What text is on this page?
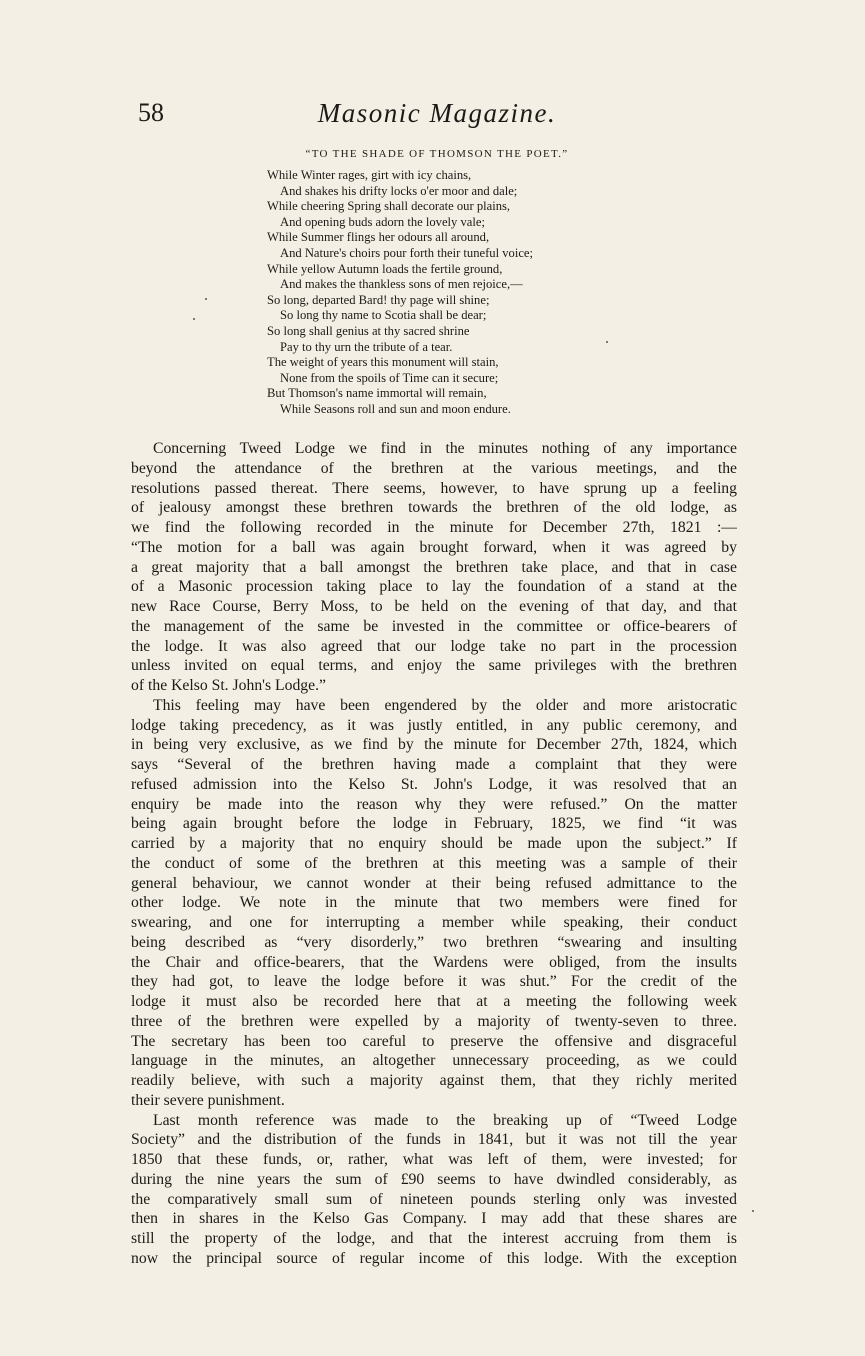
58	Masonic Magazine.
“TO THE SHADE OF THOMSON THE POET.”
While Winter rages, girt with icy chains,
And shakes his drifty locks o'er moor and dale;
While cheering Spring shall decorate our plains,
And opening buds adorn the lovely vale;
While Summer flings her odours all around,
And Nature's choirs pour forth their tuneful voice;
While yellow Autumn loads the fertile ground,
And makes the thankless sons of men rejoice,—
So long, departed Bard! thy page will shine;
So long thy name to Scotia shall be dear;
So long shall genius at thy sacred shrine
Pay to thy urn the tribute of a tear.
The weight of years this monument will stain,
None from the spoils of Time can it secure;
But Thomson's name immortal will remain,
While Seasons roll and sun and moon endure.
Concerning Tweed Lodge we find in the minutes nothing of any importance
beyond the attendance of the brethren at the various meetings, and the
resolutions passed thereat. There seems, however, to have sprung up a feeling
of jealousy amongst these brethren towards the brethren of the old lodge, as
we find the following recorded in the minute for December 27th, 1821 :—
“The motion for a ball was again brought forward, when it was agreed by
a great majority that a ball amongst the brethren take place, and that in case
of a Masonic procession taking place to lay the foundation of a stand at the
new Race Course, Berry Moss, to be held on the evening of that day, and that
the management of the same be invested in the committee or office-bearers of
the lodge. It was also agreed that our lodge take no part in the procession
unless invited on equal terms, and enjoy the same privileges with the brethren
of the Kelso St. John's Lodge.”
This feeling may have been engendered by the older and more aristocratic
lodge taking precedency, as it was justly entitled, in any public ceremony, and
in being very exclusive, as we find by the minute for December 27th, 1824, which
says “Several of the brethren having made a complaint that they were
refused admission into the Kelso St. John's Lodge, it was resolved that an
enquiry be made into the reason why they were refused.” On the matter
being again brought before the lodge in February, 1825, we find “it was
carried by a majority that no enquiry should be made upon the subject.” If
the conduct of some of the brethren at this meeting was a sample of their
general behaviour, we cannot wonder at their being refused admittance to the
other lodge. We note in the minute that two members were fined for
swearing, and one for interrupting a member while speaking, their conduct
being described as “very disorderly,” two brethren “swearing and insulting
the Chair and office-bearers, that the Wardens were obliged, from the insults
they had got, to leave the lodge before it was shut.” For the credit of the
lodge it must also be recorded here that at a meeting the following week
three of the brethren were expelled by a majority of twenty-seven to three.
The secretary has been too careful to preserve the offensive and disgraceful
language in the minutes, an altogether unnecessary proceeding, as we could
readily believe, with such a majority against them, that they richly merited
their severe punishment.
Last month reference was made to the breaking up of “Tweed Lodge
Society” and the distribution of the funds in 1841, but it was not till the year
1850 that these funds, or, rather, what was left of them, were invested; for
during the nine years the sum of £90 seems to have dwindled considerably, as
the comparatively small sum of nineteen pounds sterling only was invested
then in shares in the Kelso Gas Company. I may add that these shares are
still the property of the lodge, and that the interest accruing from them is
now the principal source of regular income of this lodge. With the exception
